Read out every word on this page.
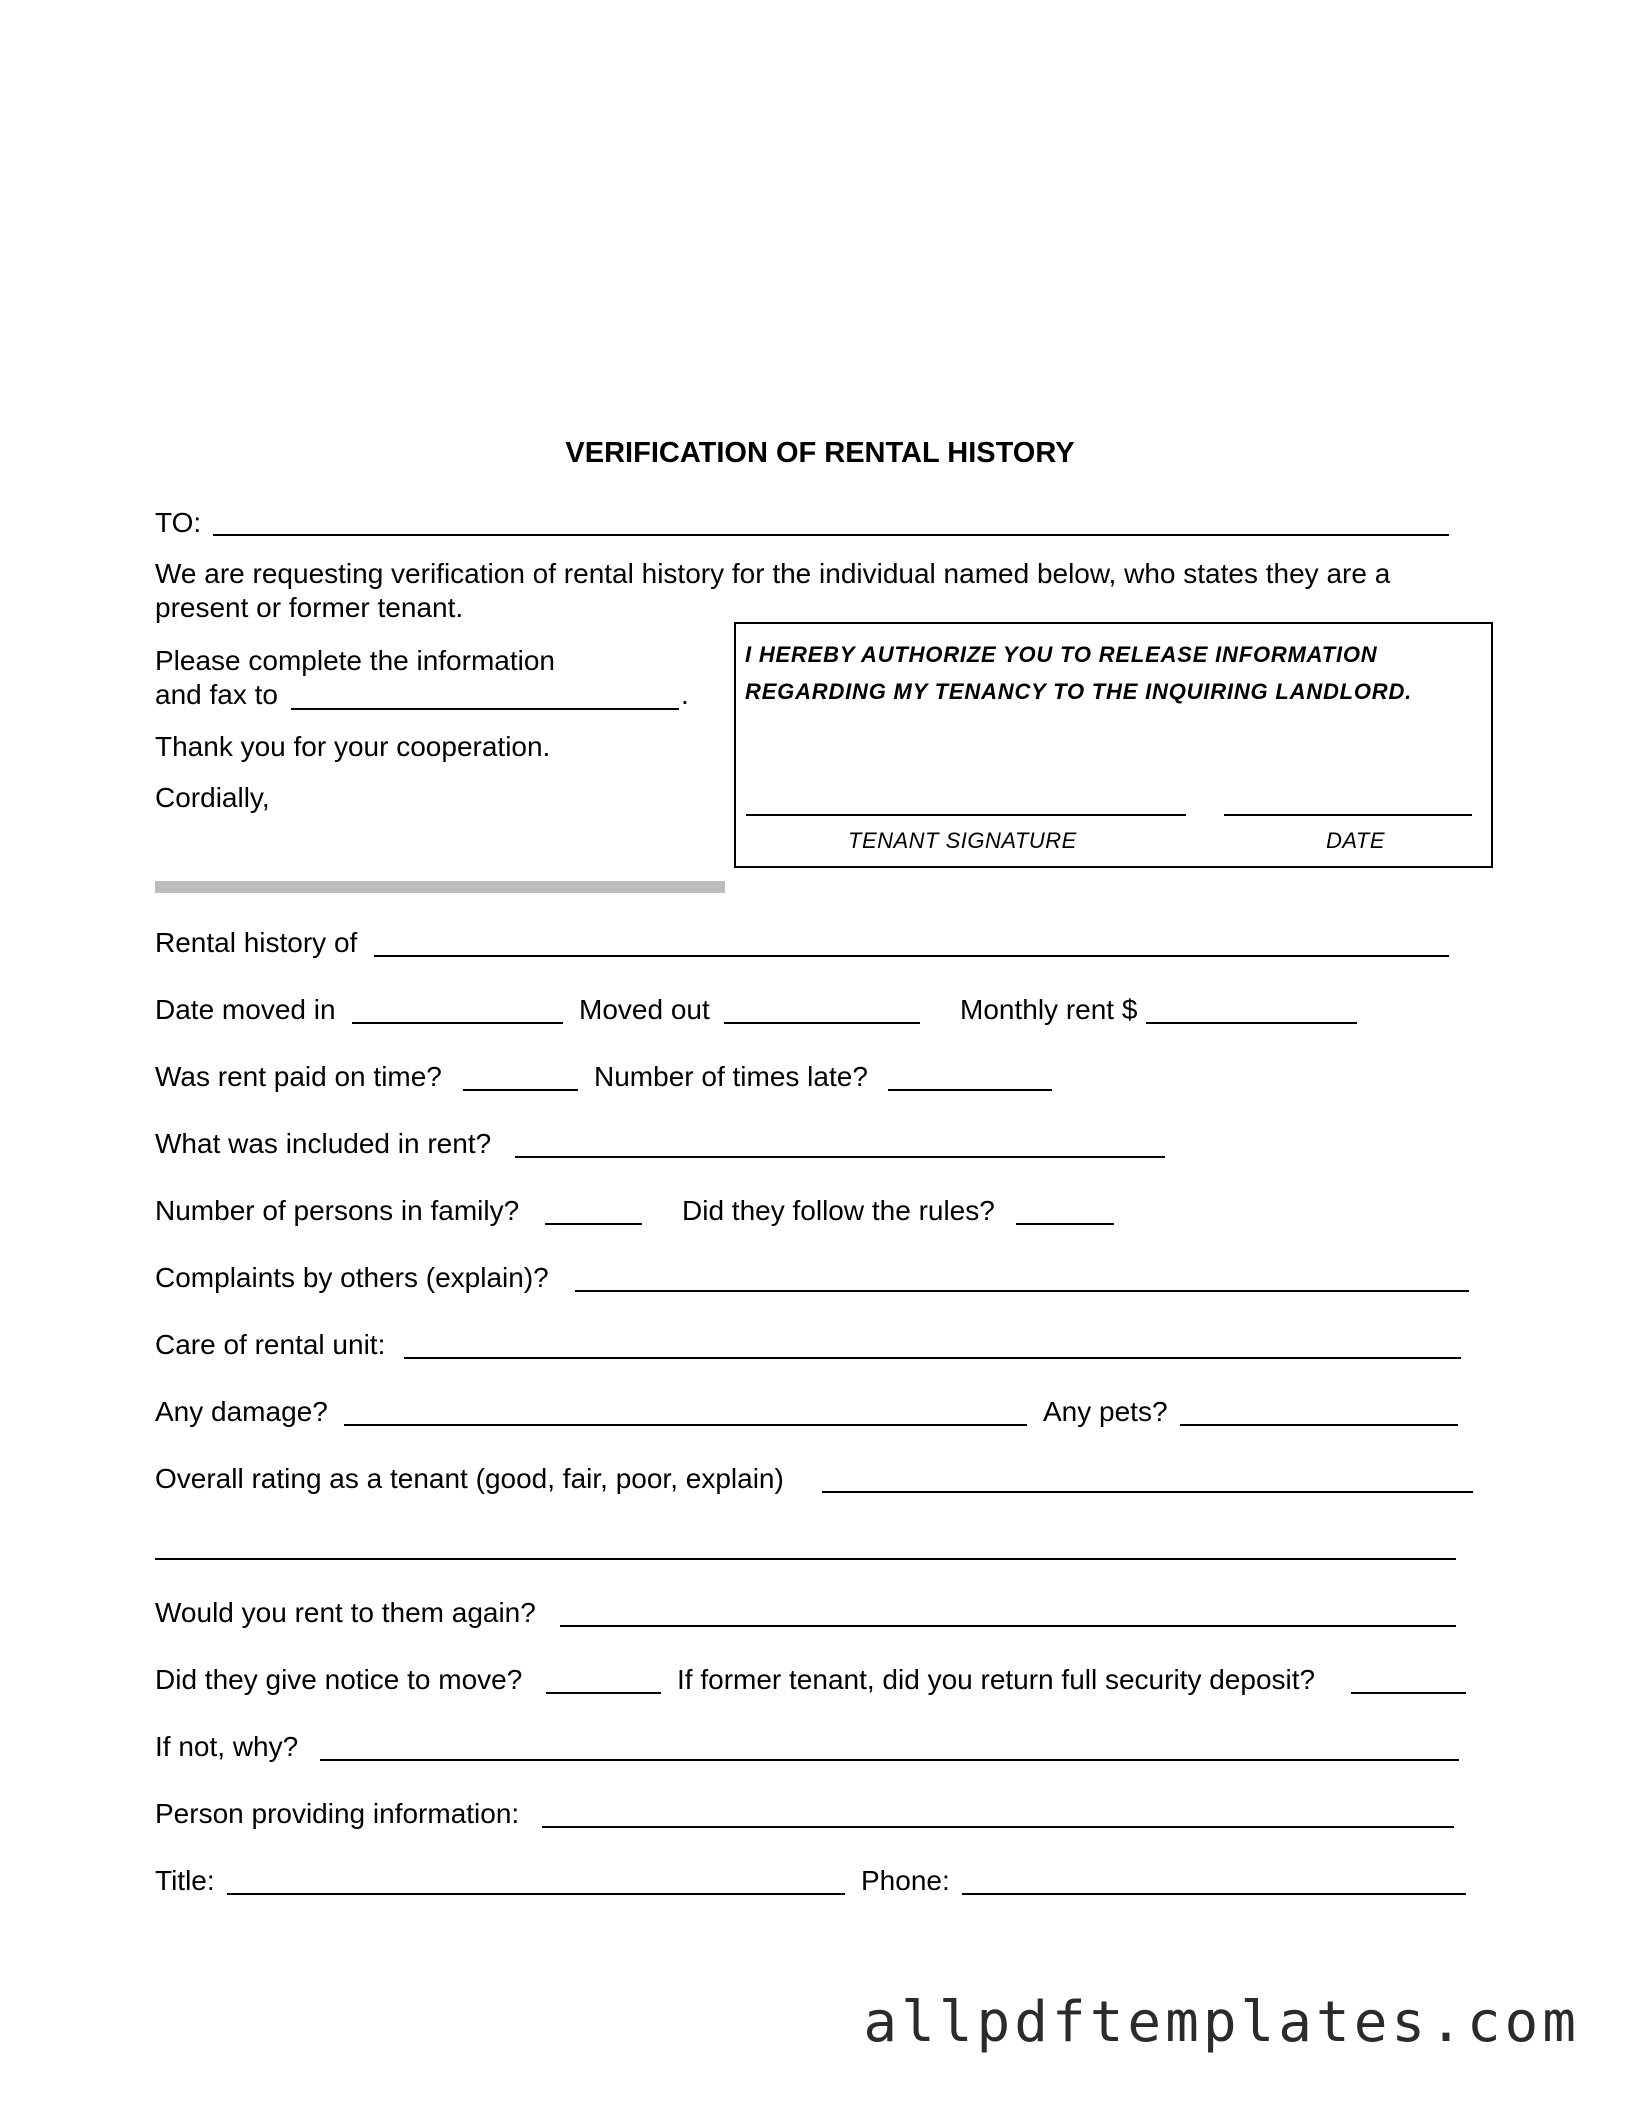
VERIFICATION OF RENTAL HISTORY
TO:
We are requesting verification of rental history for the individual named below, who states they are a
present or former tenant.
Please complete the information
and fax to	.
Thank you for your cooperation.
Cordially,
I HEREBY AUTHORIZE YOU TO RELEASE INFORMATION
REGARDING MY TENANCY TO THE INQUIRING LANDLORD.
TENANT SIGNATURE	DATE
Rental history of
Date moved in	Moved out	Monthly rent $
Was rent paid on time?	Number of times late?
What was included in rent?
Number of persons in family?	Did they follow the rules?
Complaints by others (explain)?
Care of rental unit:
Any damage?	Any pets?
Overall rating as a tenant (good, fair, poor, explain)
Would you rent to them again?
Did they give notice to move?	If former tenant, did you return full security deposit?
If not, why?
Person providing information:
Title:	Phone:
allpdftemplates.com
